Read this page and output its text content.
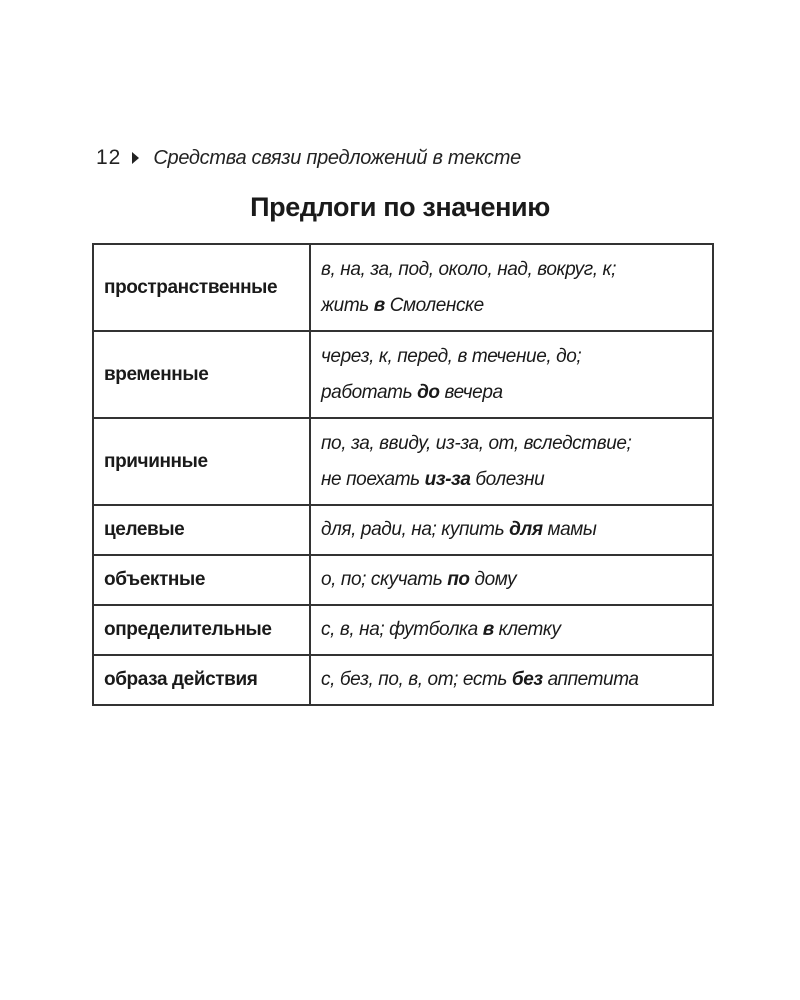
12 Средства связи предложений в тексте
Предлоги по значению
пространственные	в, на, за, под, около, над, вокруг, к;
жить в Смоленске
временные	через, к, перед, в течение, до;
работать до вечера
причинные	по, за, ввиду, из-за, от, вследствие;
не поехать из-за болезни
целевые	для, ради, на; купить для мамы
объектные	о, по; скучать по дому
определительные	с, в, на; футболка в клетку
образа действия	с, без, по, в, от; есть без аппетита
